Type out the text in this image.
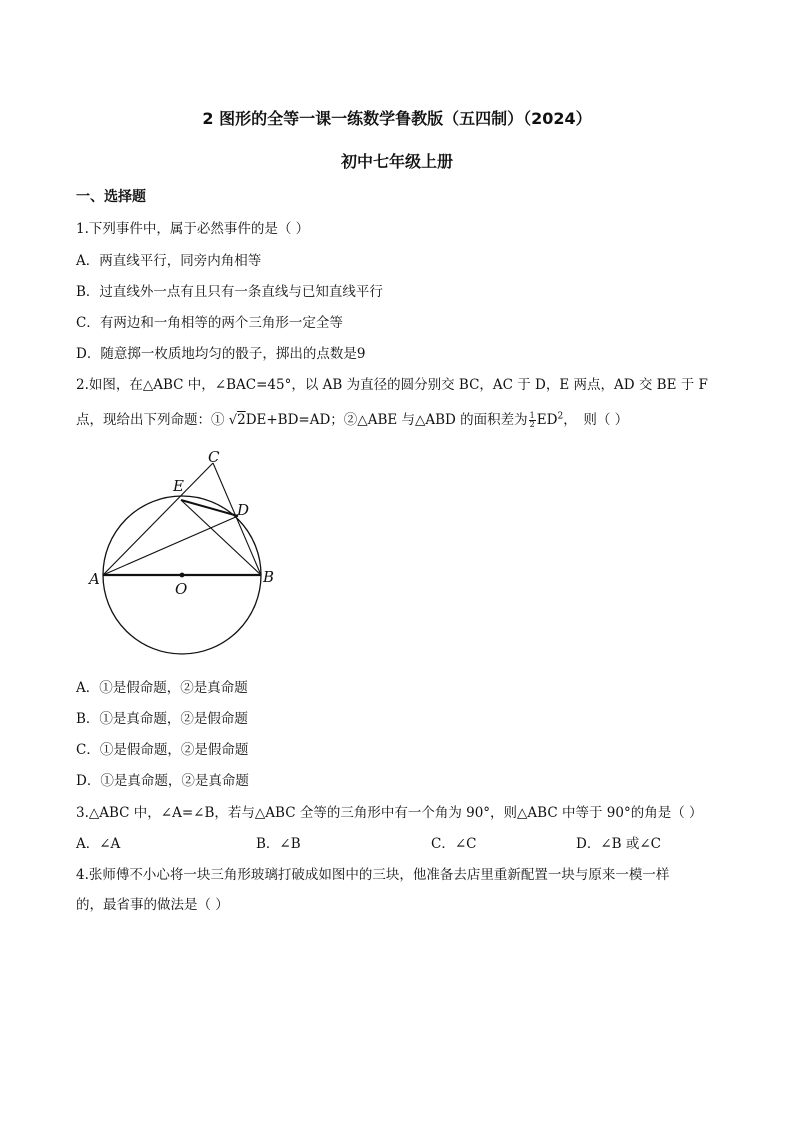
2 图形的全等一课一练数学鲁教版（五四制）（2024）
初中七年级上册
一、选择题
1.下列事件中，属于必然事件的是（ ）
A．两直线平行，同旁内角相等
B．过直线外一点有且只有一条直线与已知直线平行
C．有两边和一角相等的两个三角形一定全等
D．随意掷一枚质地均匀的骰子，掷出的点数是9
2.如图，在△ABC 中，∠BAC=45°，以 AB 为直径的圆分别交 BC，AC 于 D，E 两点，AD 交 BE 于 F
点，现给出下列命题：① √2DE+BD=AD；②△ABE 与△ABD 的面积差为 $\frac{1}{2} ED^2$，　则（ ）
C
E
D
A
O
B
A．①是假命题，②是真命题
B．①是真命题，②是假命题
C．①是假命题，②是假命题
D．①是真命题，②是真命题
3.△ABC 中，∠A=∠B，若与△ABC 全等的三角形中有一个角为 90°，则△ABC 中等于 90°的角是（ ）
A．∠A	B．∠B	C．∠C	D．∠B 或∠C
4.张师傅不小心将一块三角形玻璃打破成如图中的三块，他准备去店里重新配置一块与原来一模一样
的，最省事的做法是（ ）
